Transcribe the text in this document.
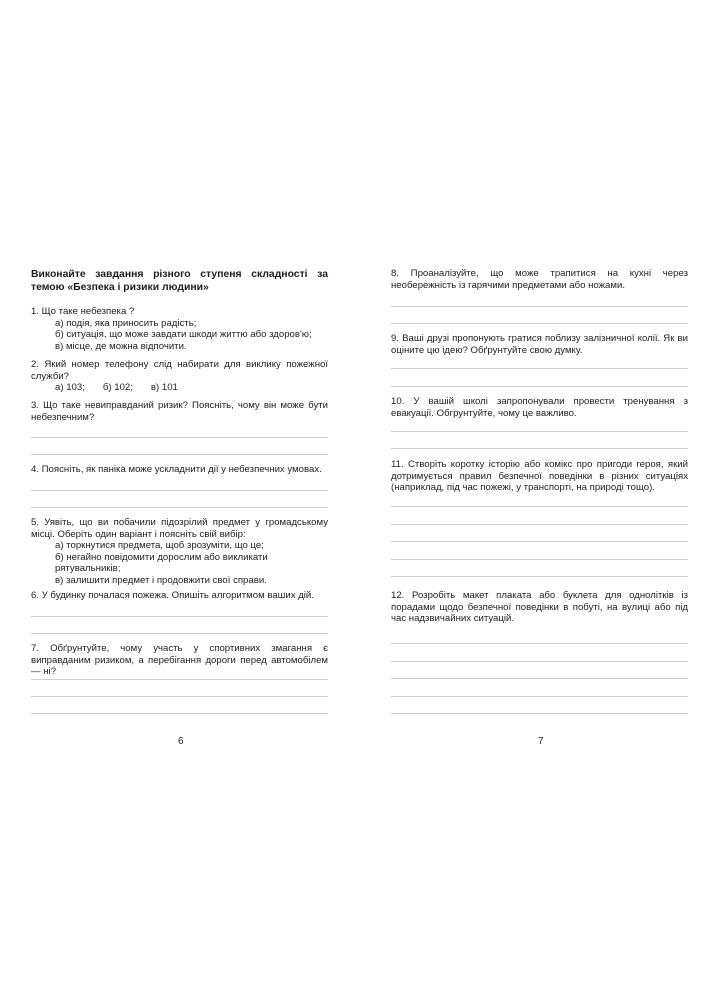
Виконайте завдання різного ступеня складності за темою «Безпека і ризики людини»

1. Що таке небезпека ?

а) подія, яка приносить радість;

б) ситуація, що може завдати шкоди життю або здоров'ю;

в) місце, де можна відпочити.

2. Який номер телефону слід набирати для виклику пожежної служби?

а) 103; б) 102; в) 101

3. Що таке невиправданий ризик? Поясніть, чому він може бути небезпечним?

4. Поясніть, як паніка може ускладнити дії у небезпечних умовах.

5. Уявіть, що ви побачили підозрілий предмет у громадському місці. Оберіть один варіант і поясніть свій вибір:

а) торкнутися предмета, щоб зрозуміти, що це;

б) негайно повідомити дорослим або викликати рятувальників;

в) залишити предмет і продовжити свої справи.

6. У будинку почалася пожежа. Опишіть алгоритмом ваших дій.

7. Обґрунтуйте, чому участь у спортивних змагання є виправданим ризиком, а перебігання дороги перед автомобілем — ні?

6

8. Проаналізуйте, що може трапитися на кухні через необережність із гарячими предметами або ножами.

9. Ваші друзі пропонують гратися поблизу залізничної колії. Як ви оціните цю ідею? Обґрунтуйте свою думку.

10. У вашій школі запропонували провести тренування з евакуації. Обгрунтуйте, чому це важливо.

11. Створіть коротку історію або комікс про пригоди героя, який дотримується правил безпечної поведінки в різних ситуаціях (наприклад, під час пожежі, у транспорті, на природі тощо).

12. Розробіть макет плаката або буклета для однолітків із порадами щодо безпечної поведінки в побуті, на вулиці або під час надзвичайних ситуацій.

7
